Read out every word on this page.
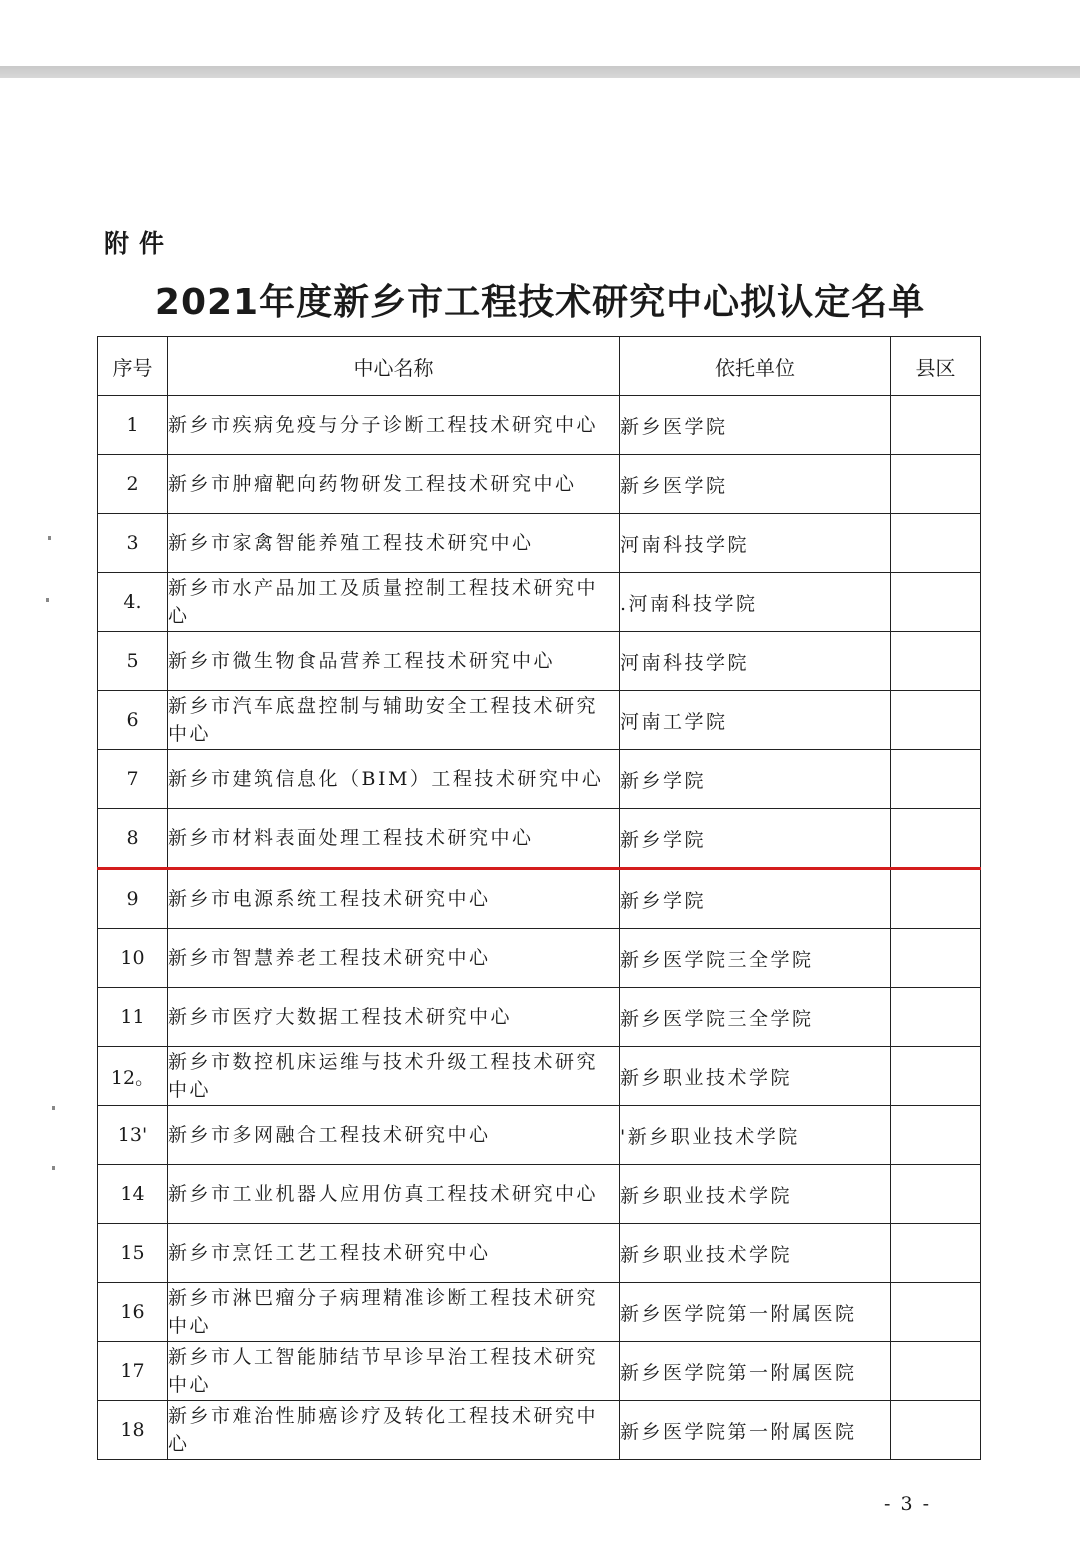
附件
2021年度新乡市工程技术研究中心拟认定名单
序号	中心名称	依托单位	县区
1	新乡市疾病免疫与分子诊断工程技术研究中心	新乡医学院	
2	新乡市肿瘤靶向药物研发工程技术研究中心	新乡医学院	
3	新乡市家禽智能养殖工程技术研究中心	河南科技学院	
4.	新乡市水产品加工及质量控制工程技术研究中心	.河南科技学院	
5	新乡市微生物食品营养工程技术研究中心	河南科技学院	
6	新乡市汽车底盘控制与辅助安全工程技术研究中心	河南工学院	
7	新乡市建筑信息化（BIM）工程技术研究中心	新乡学院	
8	新乡市材料表面处理工程技术研究中心	新乡学院	
9	新乡市电源系统工程技术研究中心	新乡学院	
10	新乡市智慧养老工程技术研究中心	新乡医学院三全学院	
11	新乡市医疗大数据工程技术研究中心	新乡医学院三全学院	
12。	新乡市数控机床运维与技术升级工程技术研究中心	新乡职业技术学院	
13'	新乡市多网融合工程技术研究中心	'新乡职业技术学院	
14	新乡市工业机器人应用仿真工程技术研究中心	新乡职业技术学院	
15	新乡市烹饪工艺工程技术研究中心	新乡职业技术学院	
16	新乡市淋巴瘤分子病理精准诊断工程技术研究中心	新乡医学院第一附属医院	
17	新乡市人工智能肺结节早诊早治工程技术研究中心	新乡医学院第一附属医院	
18	新乡市难治性肺癌诊疗及转化工程技术研究中心	新乡医学院第一附属医院	
- 3 -
